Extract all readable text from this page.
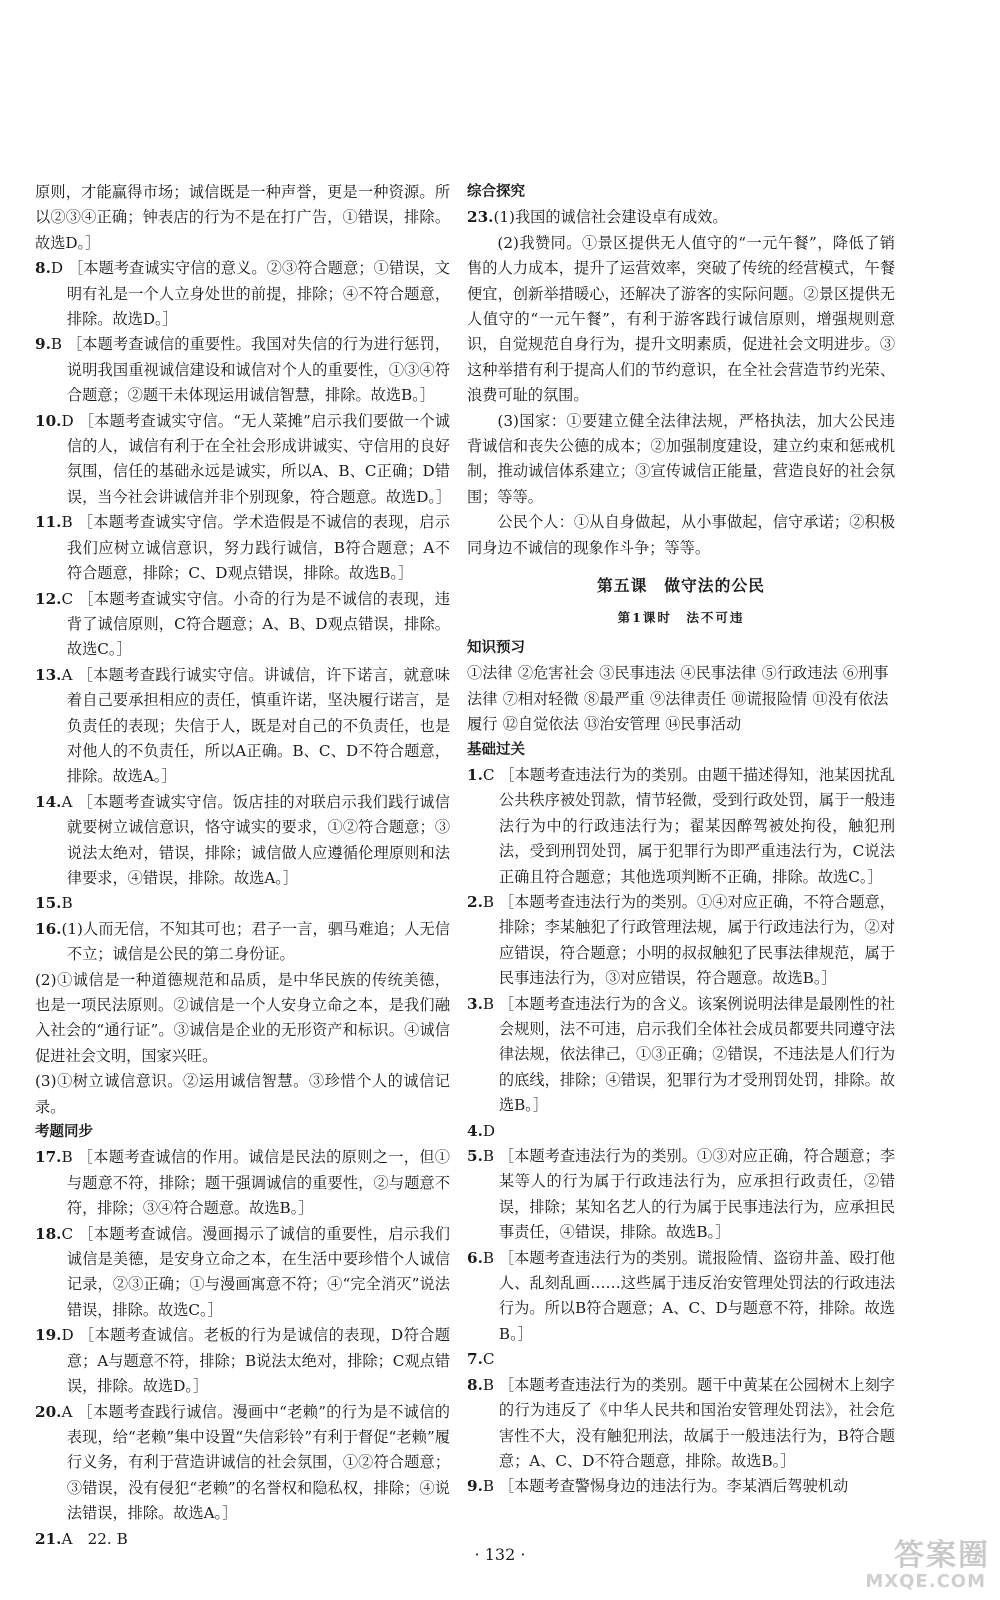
原则，才能赢得市场；诚信既是一种声誉，更是一种资源。所以②③④正确；钟表店的行为不是在打广告，①错误，排除。故选D。］

8.D ［本题考查诚实守信的意义。②③符合题意；①错误，文明有礼是一个人立身处世的前提，排除；④不符合题意，排除。故选D。］

9.B ［本题考查诚信的重要性。我国对失信的行为进行惩罚，说明我国重视诚信建设和诚信对个人的重要性，①③④符合题意；②题干未体现运用诚信智慧，排除。故选B。］

10.D ［本题考查诚实守信。“无人菜摊”启示我们要做一个诚信的人，诚信有利于在全社会形成讲诚实、守信用的良好氛围，信任的基础永远是诚实，所以A、B、C正确；D错误，当今社会讲诚信并非个别现象，符合题意。故选D。］

11.B ［本题考查诚实守信。学术造假是不诚信的表现，启示我们应树立诚信意识，努力践行诚信，B符合题意；A不符合题意，排除；C、D观点错误，排除。故选B。］

12.C ［本题考查诚实守信。小奇的行为是不诚信的表现，违背了诚信原则，C符合题意；A、B、D观点错误，排除。故选C。］

13.A ［本题考查践行诚实守信。讲诚信，许下诺言，就意味着自己要承担相应的责任，慎重许诺，坚决履行诺言，是负责任的表现；失信于人，既是对自己的不负责任，也是对他人的不负责任，所以A正确。B、C、D不符合题意，排除。故选A。］

14.A ［本题考查诚实守信。饭店挂的对联启示我们践行诚信就要树立诚信意识，恪守诚实的要求，①②符合题意；③说法太绝对，错误，排除；诚信做人应遵循伦理原则和法律要求，④错误，排除。故选A。］

15.B

16.(1)人而无信，不知其可也；君子一言，驷马难追；人无信不立；诚信是公民的第二身份证。

(2)①诚信是一种道德规范和品质，是中华民族的传统美德，也是一项民法原则。②诚信是一个人安身立命之本，是我们融入社会的“通行证”。③诚信是企业的无形资产和标识。④诚信促进社会文明，国家兴旺。

(3)①树立诚信意识。②运用诚信智慧。③珍惜个人的诚信记录。

考题同步

17.B ［本题考查诚信的作用。诚信是民法的原则之一，但①与题意不符，排除；题干强调诚信的重要性，②与题意不符，排除；③④符合题意。故选B。］

18.C ［本题考查诚信。漫画揭示了诚信的重要性，启示我们诚信是美德，是安身立命之本，在生活中要珍惜个人诚信记录，②③正确；①与漫画寓意不符；④“完全消灭”说法错误，排除。故选C。］

19.D ［本题考查诚信。老板的行为是诚信的表现，D符合题意；A与题意不符，排除；B说法太绝对，排除；C观点错误，排除。故选D。］

20.A ［本题考查践行诚信。漫画中“老赖”的行为是不诚信的表现，给“老赖”集中设置“失信彩铃”有利于督促“老赖”履行义务，有利于营造讲诚信的社会氛围，①②符合题意；③错误，没有侵犯“老赖”的名誉权和隐私权，排除；④说法错误，排除。故选A。］

21.A　22. B

综合探究

23.(1)我国的诚信社会建设卓有成效。

(2)我赞同。①景区提供无人值守的“一元午餐”，降低了销售的人力成本，提升了运营效率，突破了传统的经营模式，午餐便宜，创新举措暖心，还解决了游客的实际问题。②景区提供无人值守的“一元午餐”，有利于游客践行诚信原则，增强规则意识，自觉规范自身行为，提升文明素质，促进社会文明进步。③这种举措有利于提高人们的节约意识，在全社会营造节约光荣、浪费可耻的氛围。

(3)国家：①要建立健全法律法规，严格执法，加大公民违背诚信和丧失公德的成本；②加强制度建设，建立约束和惩戒机制，推动诚信体系建立；③宣传诚信正能量，营造良好的社会氛围；等等。

公民个人：①从自身做起，从小事做起，信守承诺；②积极同身边不诚信的现象作斗争；等等。

第五课　做守法的公民

第1课时　法不可违

知识预习

①法律 ②危害社会 ③民事违法 ④民事法律 ⑤行政违法 ⑥刑事法律 ⑦相对轻微 ⑧最严重 ⑨法律责任 ⑩谎报险情 ⑪没有依法履行 ⑫自觉依法 ⑬治安管理 ⑭民事活动

基础过关

1.C ［本题考查违法行为的类别。由题干描述得知，池某因扰乱公共秩序被处罚款，情节轻微，受到行政处罚，属于一般违法行为中的行政违法行为；翟某因醉驾被处拘役，触犯刑法，受到刑罚处罚，属于犯罪行为即严重违法行为，C说法正确且符合题意；其他选项判断不正确，排除。故选C。］

2.B ［本题考查违法行为的类别。①④对应正确，不符合题意，排除；李某触犯了行政管理法规，属于行政违法行为，②对应错误，符合题意；小明的叔叔触犯了民事法律规范，属于民事违法行为，③对应错误，符合题意。故选B。］

3.B ［本题考查违法行为的含义。该案例说明法律是最刚性的社会规则，法不可违，启示我们全体社会成员都要共同遵守法律法规，依法律己，①③正确；②错误，不违法是人们行为的底线，排除；④错误，犯罪行为才受刑罚处罚，排除。故选B。］

4.D

5.B ［本题考查违法行为的类别。①③对应正确，符合题意；李某等人的行为属于行政违法行为，应承担行政责任，②错误，排除；某知名艺人的行为属于民事违法行为，应承担民事责任，④错误，排除。故选B。］

6.B ［本题考查违法行为的类别。谎报险情、盗窃井盖、殴打他人、乱刻乱画……这些属于违反治安管理处罚法的行政违法行为。所以B符合题意；A、C、D与题意不符，排除。故选B。］

7.C

8.B ［本题考查违法行为的类别。题干中黄某在公园树木上刻字的行为违反了《中华人民共和国治安管理处罚法》，社会危害性不大，没有触犯刑法，故属于一般违法行为，B符合题意；A、C、D不符合题意，排除。故选B。］

9.B ［本题考查警惕身边的违法行为。李某酒后驾驶机动

· 132 ·	答案圈
MXQE.COM
